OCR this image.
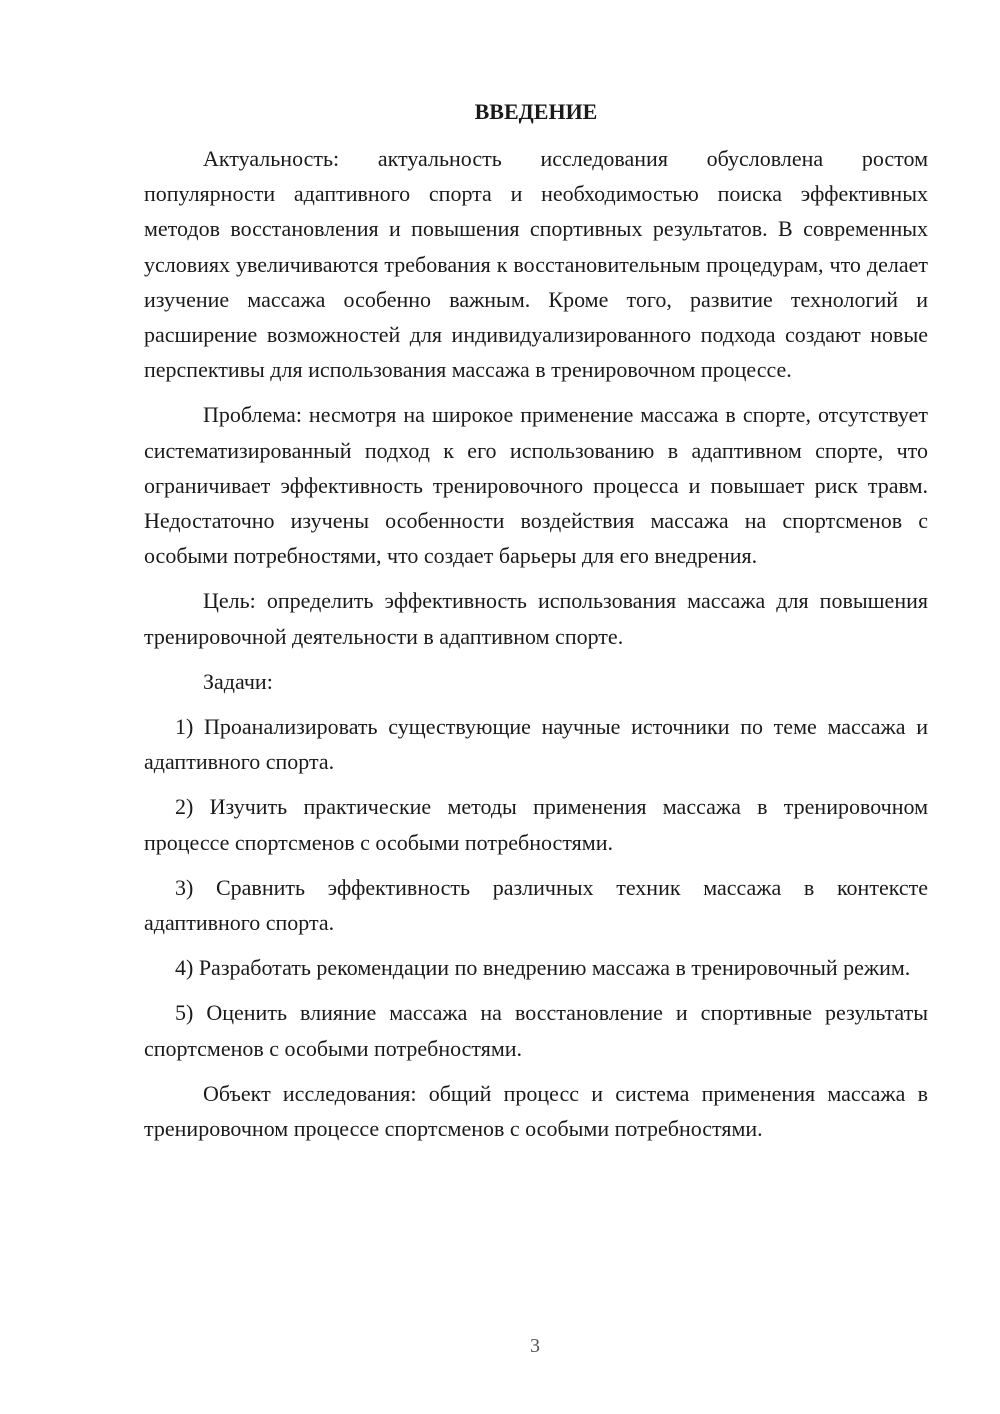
ВВЕДЕНИЕ

Актуальность: актуальность исследования обусловлена ростом популярности адаптивного спорта и необходимостью поиска эффективных методов восстановления и повышения спортивных результатов. В современных условиях увеличиваются требования к восстановительным процедурам, что делает изучение массажа особенно важным. Кроме того, развитие технологий и расширение возможностей для индивидуализированного подхода создают новые перспективы для использования массажа в тренировочном процессе.

Проблема: несмотря на широкое применение массажа в спорте, отсутствует систематизированный подход к его использованию в адаптивном спорте, что ограничивает эффективность тренировочного процесса и повышает риск травм. Недостаточно изучены особенности воздействия массажа на спортсменов с особыми потребностями, что создает барьеры для его внедрения.

Цель: определить эффективность использования массажа для повышения тренировочной деятельности в адаптивном спорте.

Задачи:

1) Проанализировать существующие научные источники по теме массажа и адаптивного спорта.

2) Изучить практические методы применения массажа в тренировочном процессе спортсменов с особыми потребностями.

3) Сравнить эффективность различных техник массажа в контексте адаптивного спорта.

4) Разработать рекомендации по внедрению массажа в тренировочный режим.

5) Оценить влияние массажа на восстановление и спортивные результаты спортсменов с особыми потребностями.

Объект исследования: общий процесс и система применения массажа в тренировочном процессе спортсменов с особыми потребностями.

3
